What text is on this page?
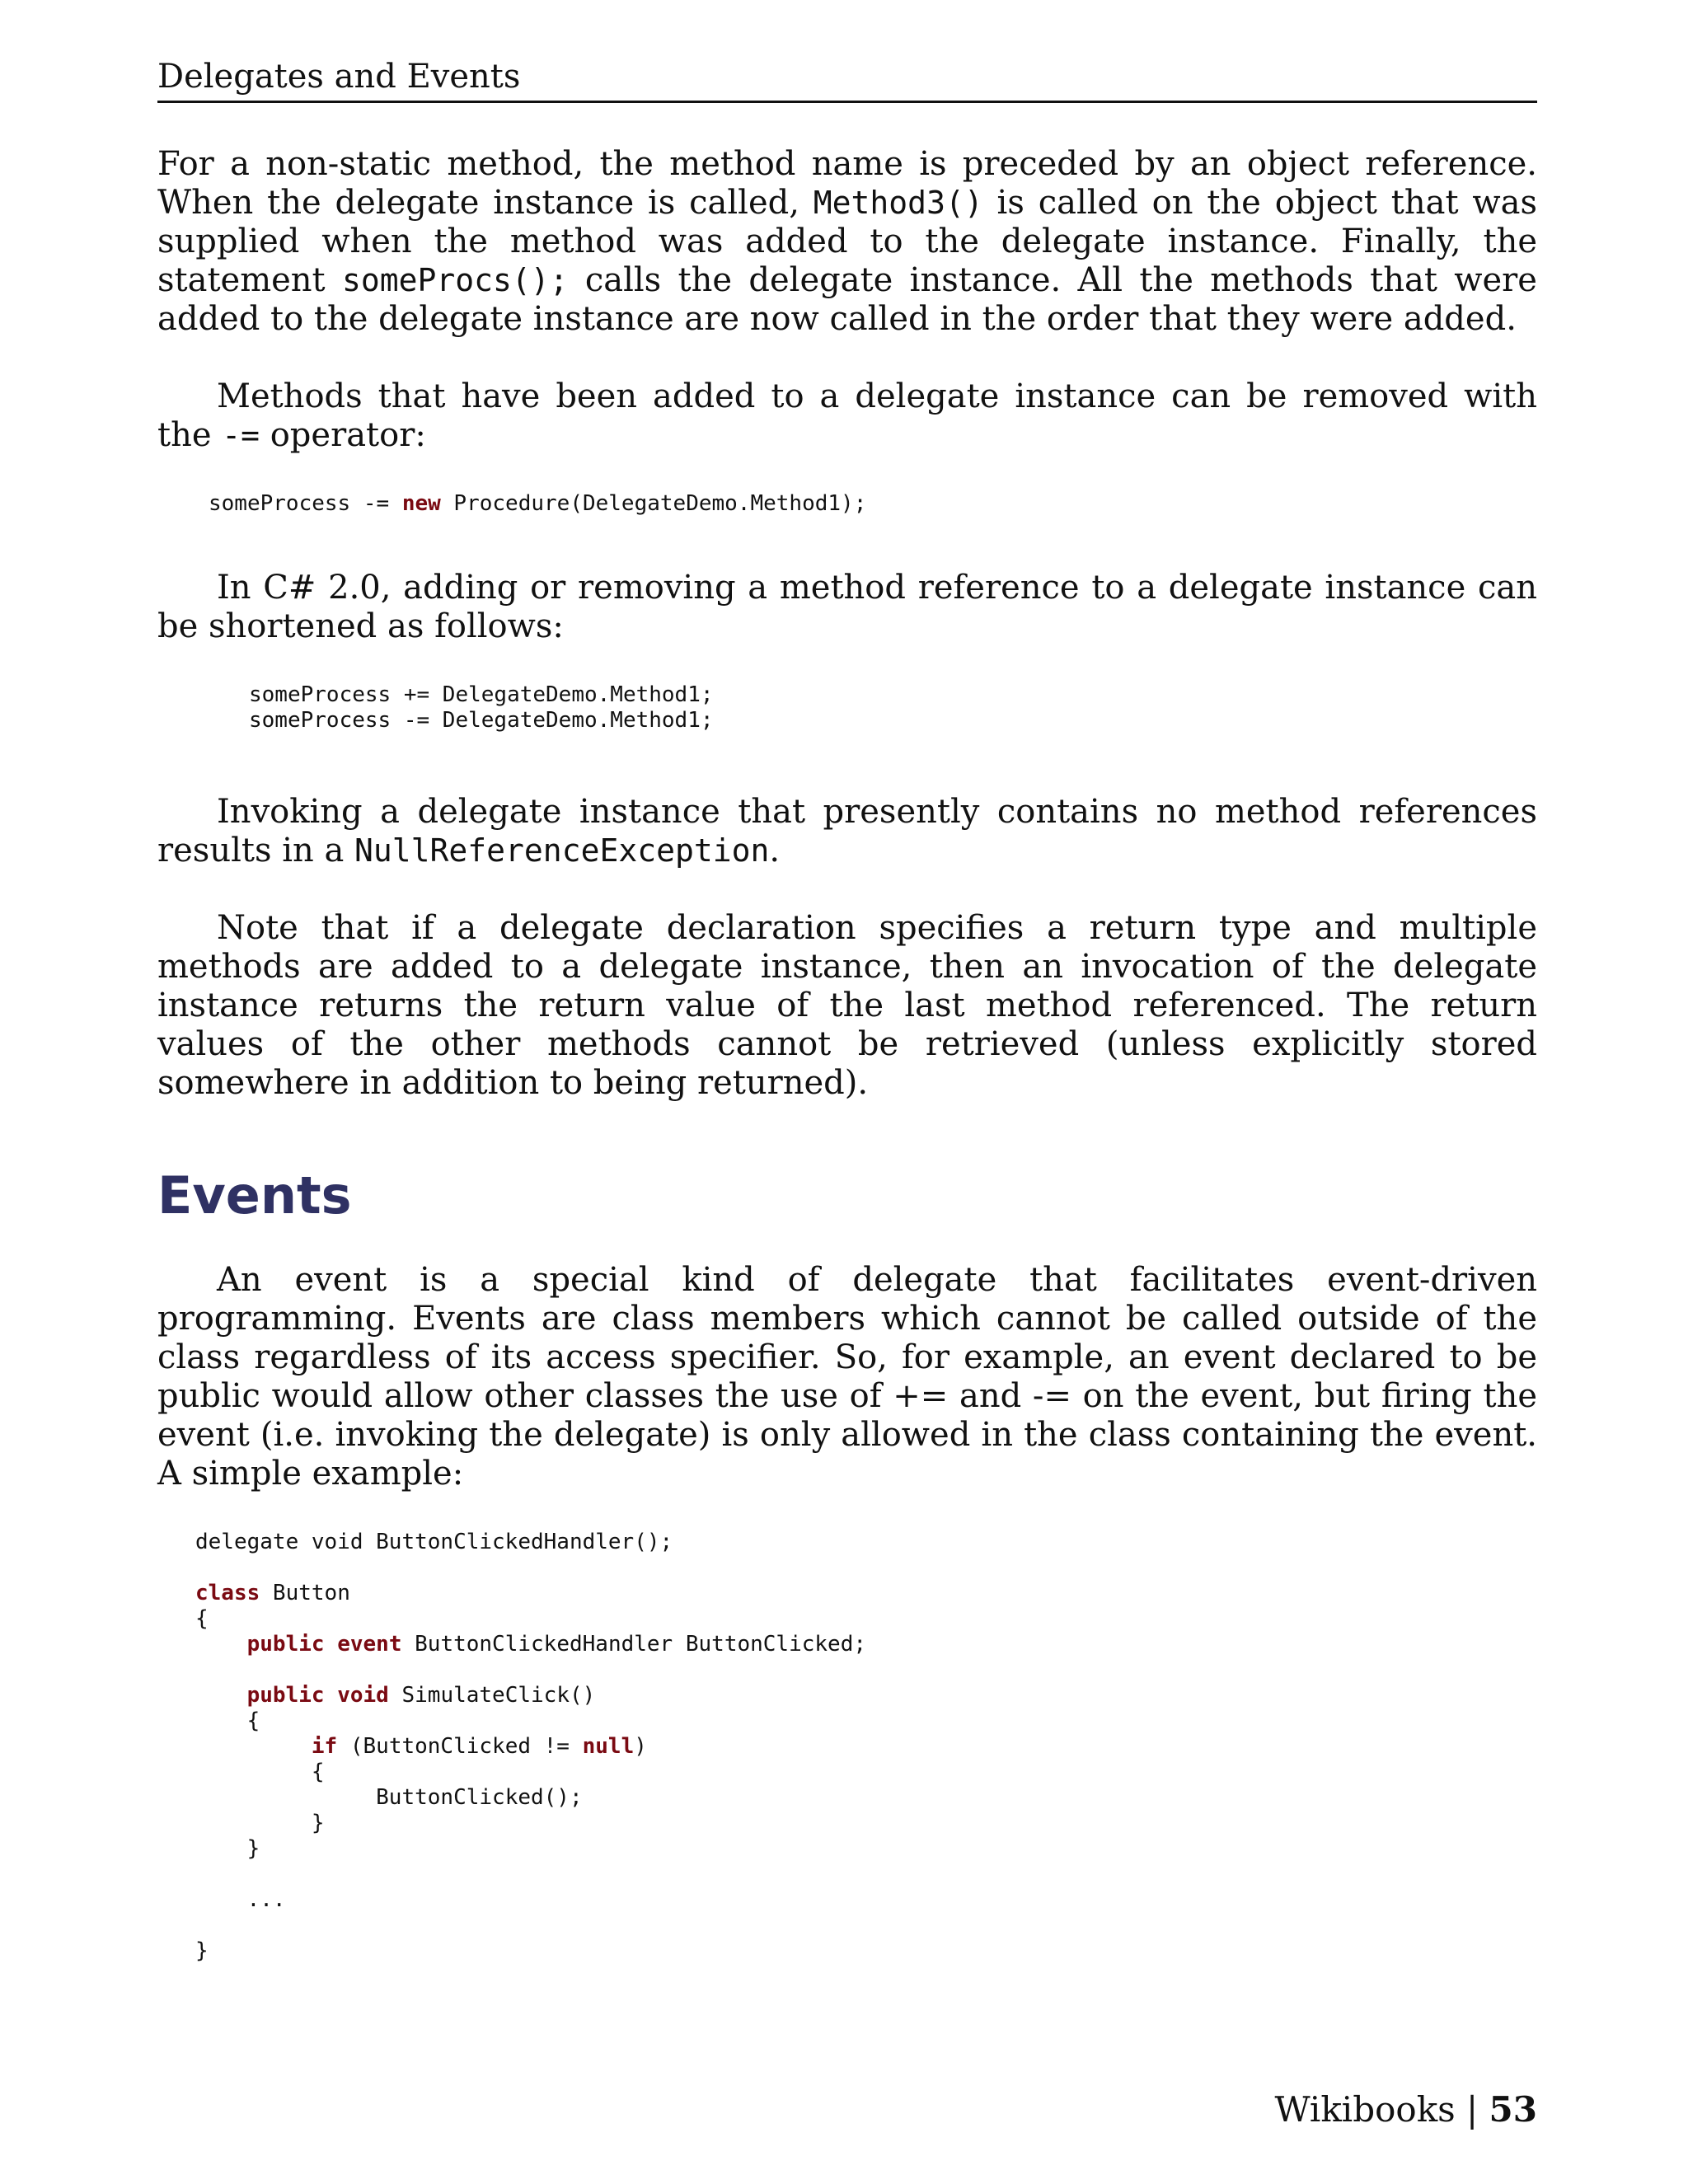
Delegates and Events

For a non-static method, the method name is preceded by an object reference. When the delegate instance is called, Method3() is called on the object that was supplied when the method was added to the delegate instance. Finally, the statement someProcs(); calls the delegate instance. All the methods that were added to the delegate instance are now called in the order that they were added.

Methods that have been added to a delegate instance can be removed with the -= operator:

someProcess -= new Procedure(DelegateDemo.Method1);

In C# 2.0, adding or removing a method reference to a delegate instance can be shortened as follows:

someProcess += DelegateDemo.Method1;
someProcess -= DelegateDemo.Method1;

Invoking a delegate instance that presently contains no method references results in a NullReferenceException.

Note that if a delegate declaration specifies a return type and multiple methods are added to a delegate instance, then an invocation of the delegate instance returns the return value of the last method referenced. The return values of the other methods cannot be retrieved (unless explicitly stored somewhere in addition to being returned).

Events

An event is a special kind of delegate that facilitates event-driven programming. Events are class members which cannot be called outside of the class regardless of its access specifier. So, for example, an event declared to be public would allow other classes the use of += and -= on the event, but firing the event (i.e. invoking the delegate) is only allowed in the class containing the event. A simple example:

delegate void ButtonClickedHandler();

class Button
{
public event ButtonClickedHandler ButtonClicked;

public void SimulateClick()
{
if (ButtonClicked != null)
{
ButtonClicked();
}
}

...

}
Wikibooks | 53
